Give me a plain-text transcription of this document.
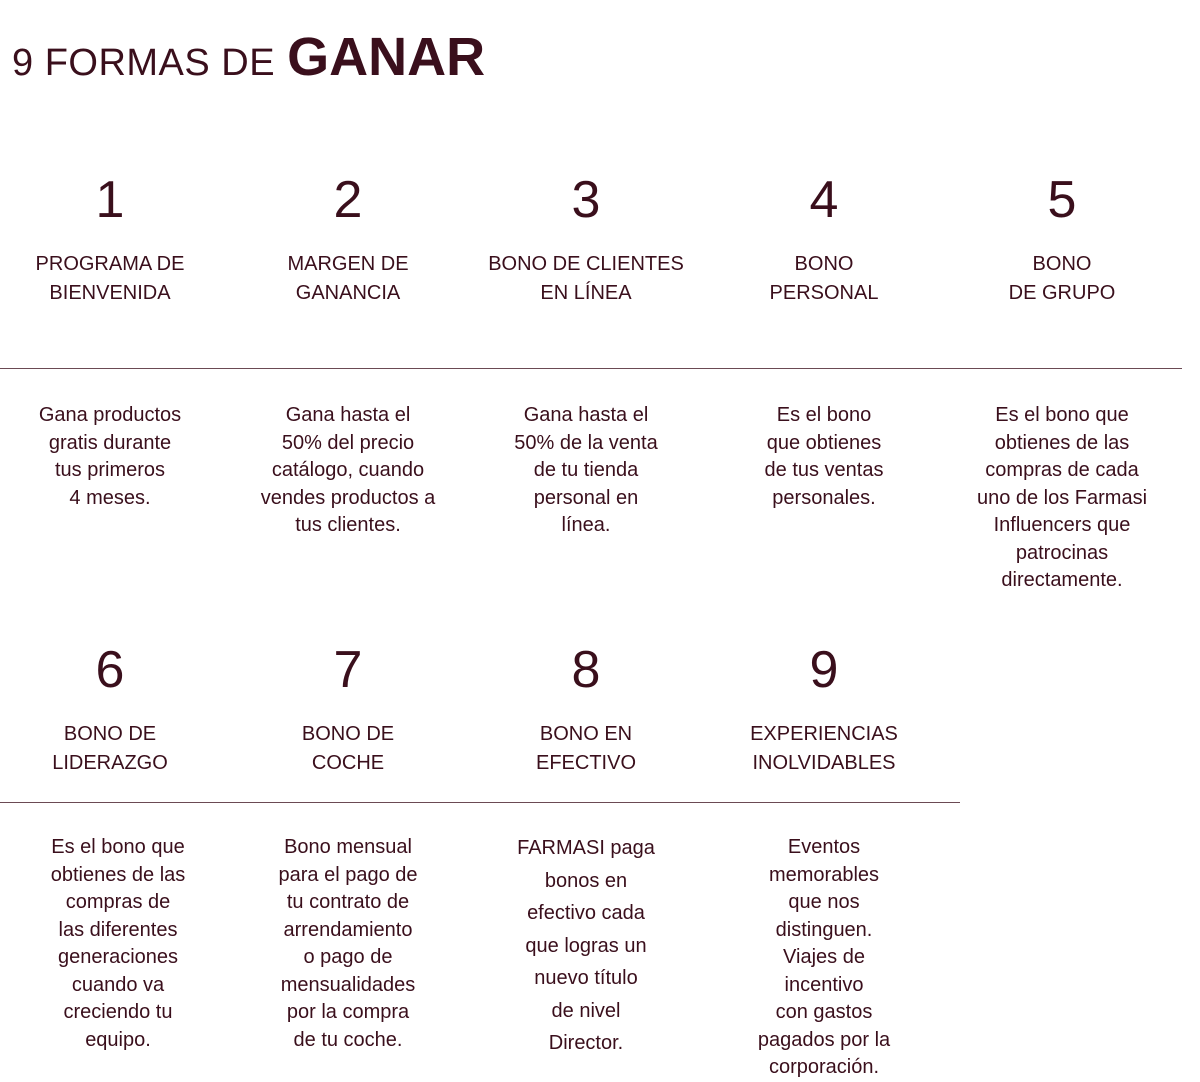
9 FORMAS DE GANAR
1
PROGRAMA DE
BIENVENIDA
2
MARGEN DE
GANANCIA
3
BONO DE CLIENTES
EN LÍNEA
4
BONO
PERSONAL
5
BONO
DE GRUPO
Gana productos
gratis durante
tus primeros
4 meses.
Gana hasta el
50% del precio
catálogo, cuando
vendes productos a
tus clientes.
Gana hasta el
50% de la venta
de tu tienda
personal en
línea.
Es el bono
que obtienes
de tus ventas
personales.
Es el bono que
obtienes de las
compras de cada
uno de los Farmasi
Influencers que
patrocinas
directamente.
6
BONO DE
LIDERAZGO
7
BONO DE
COCHE
8
BONO EN
EFECTIVO
9
EXPERIENCIAS
INOLVIDABLES
Es el bono que
obtienes de las
compras de
las diferentes
generaciones
cuando va
creciendo tu
equipo.
Bono mensual
para el pago de
tu contrato de
arrendamiento
o pago de
mensualidades
por la compra
de tu coche.
FARMASI paga
bonos en
efectivo cada
que logras un
nuevo título
de nivel
Director.
Eventos
memorables
que nos
distinguen.
Viajes de
incentivo
con gastos
pagados por la
corporación.
